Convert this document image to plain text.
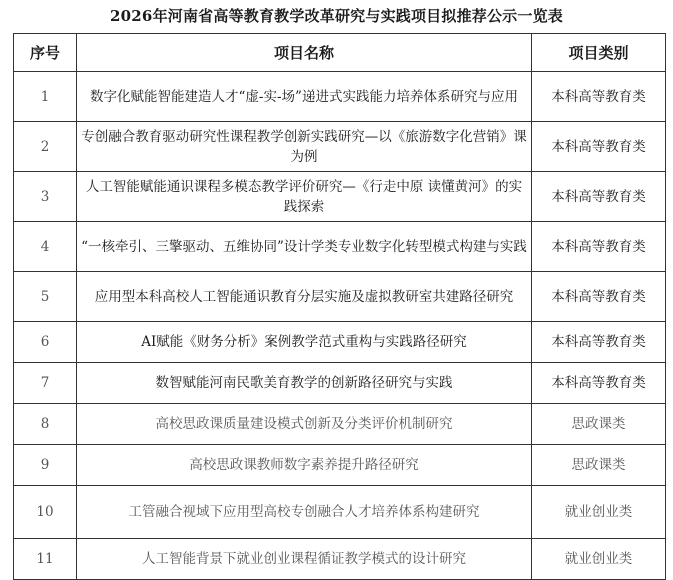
2026年河南省高等教育教学改革研究与实践项目拟推荐公示一览表
序号	项目名称	项目类别
1	数字化赋能智能建造人才“虚-实-场”递进式实践能力培养体系研究与应用	本科高等教育类
2	专创融合教育驱动研究性课程教学创新实践研究—以《旅游数字化营销》课为例	本科高等教育类
3	人工智能赋能通识课程多模态教学评价研究—《行走中原 读懂黄河》的实践探索	本科高等教育类
4	“一核牵引、三擎驱动、五维协同”设计学类专业数字化转型模式构建与实践	本科高等教育类
5	应用型本科高校人工智能通识教育分层实施及虚拟教研室共建路径研究	本科高等教育类
6	AI赋能《财务分析》案例教学范式重构与实践路径研究	本科高等教育类
7	数智赋能河南民歌美育教学的创新路径研究与实践	本科高等教育类
8	高校思政课质量建设模式创新及分类评价机制研究	思政课类
9	高校思政课教师数字素养提升路径研究	思政课类
10	工管融合视域下应用型高校专创融合人才培养体系构建研究	就业创业类
11	人工智能背景下就业创业课程循证教学模式的设计研究	就业创业类
